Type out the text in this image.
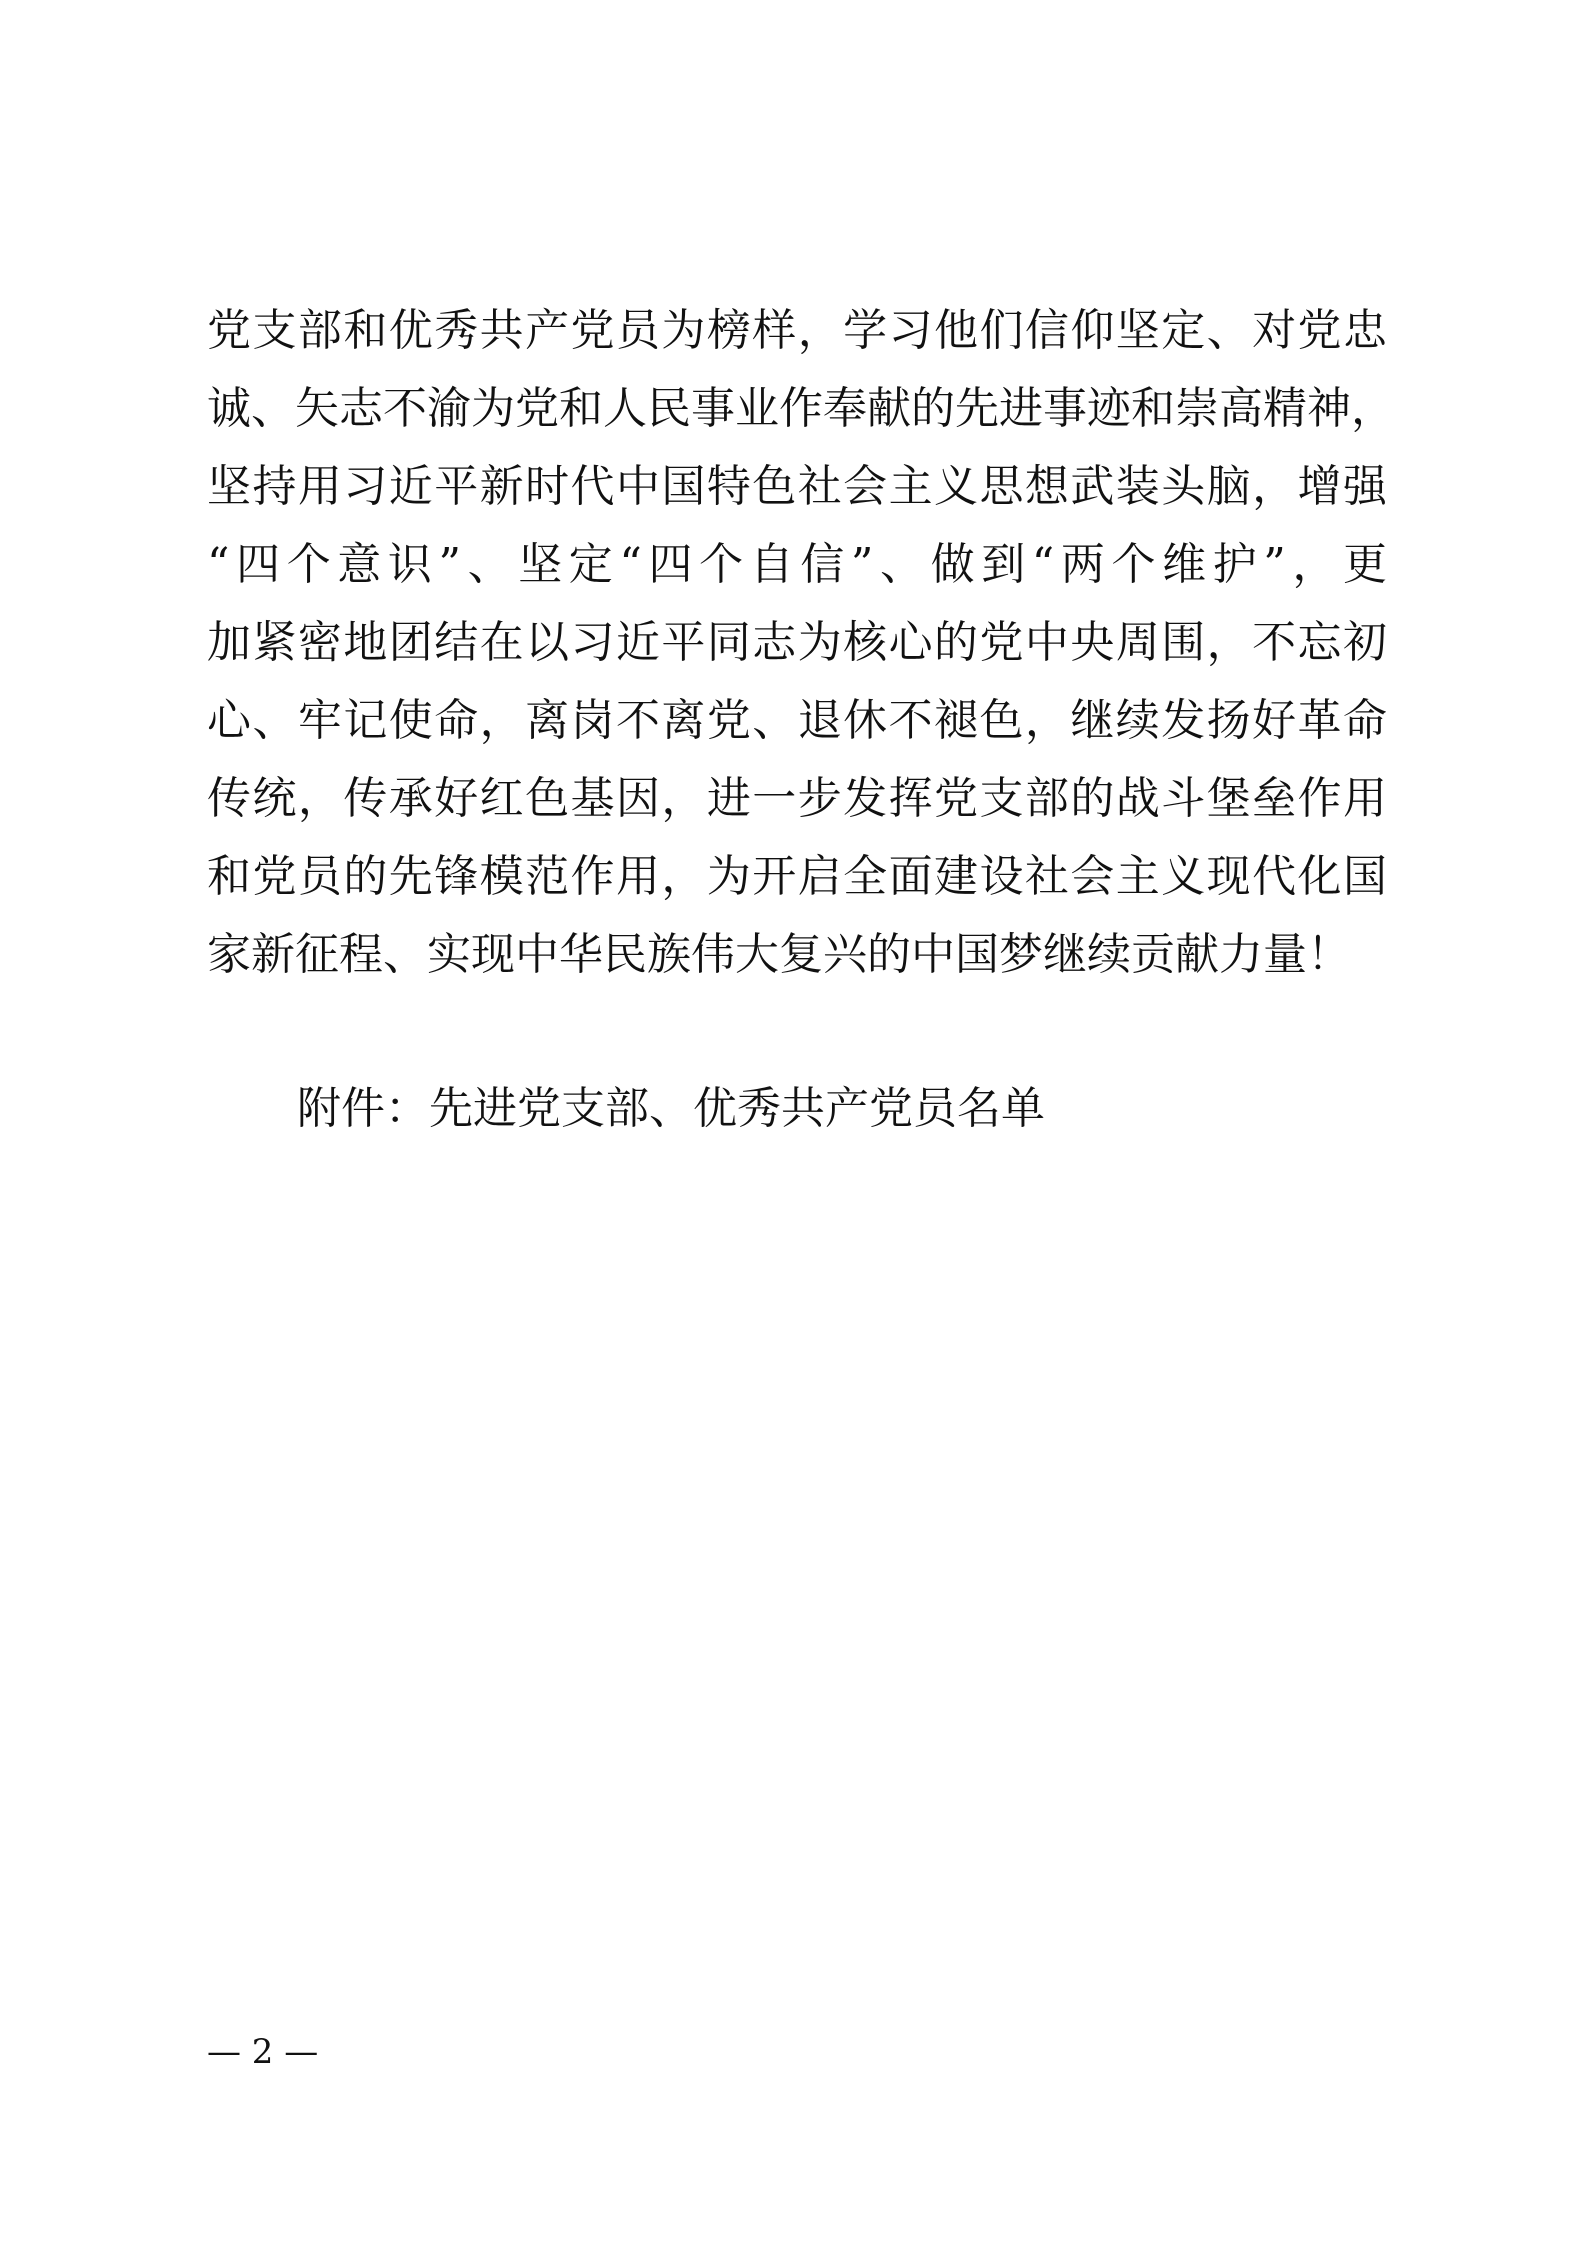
党支部和优秀共产党员为榜样，学习他们信仰坚定、对党忠
诚、矢志不渝为党和人民事业作奉献的先进事迹和崇高精神，
坚持用习近平新时代中国特色社会主义思想武装头脑，增强
“四个意识”、坚定“四个自信”、做到“两个维护”，更
加紧密地团结在以习近平同志为核心的党中央周围，不忘初
心、牢记使命，离岗不离党、退休不褪色，继续发扬好革命
传统，传承好红色基因，进一步发挥党支部的战斗堡垒作用
和党员的先锋模范作用，为开启全面建设社会主义现代化国
家新征程、实现中华民族伟大复兴的中国梦继续贡献力量！
附件：先进党支部、优秀共产党员名单
— 2 —
